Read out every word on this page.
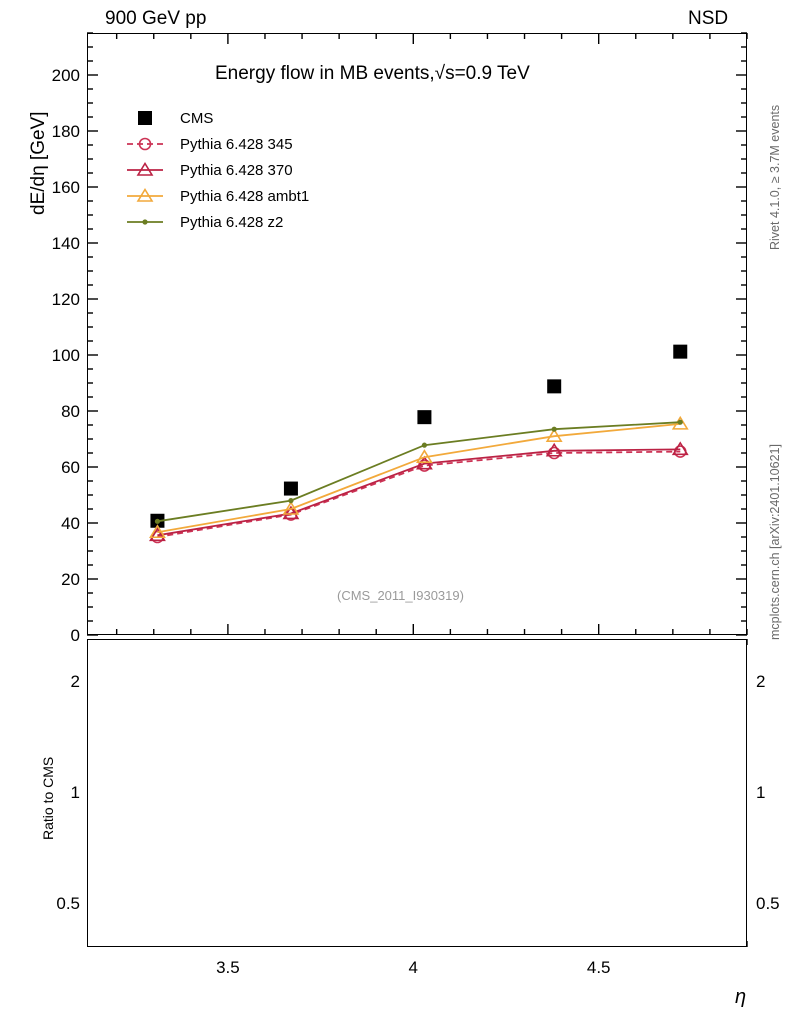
900 GeV pp	NSD
Rivet 4.1.0, ≥ 3.7M events
mcplots.cern.ch [arXiv:2401.10621]
dE/dη [GeV]
0
20
40
60
80
100
120
140
160
180
200
0.5	0.5
1	1
2	2
3.5	4	4.5
CMS
Pythia 6.428 345
Pythia 6.428 370
Pythia 6.428 ambt1
Pythia 6.428 z2
Energy flow in MB events,√s=0.9 TeV
(CMS_2011_I930319)
Ratio to CMS
η
